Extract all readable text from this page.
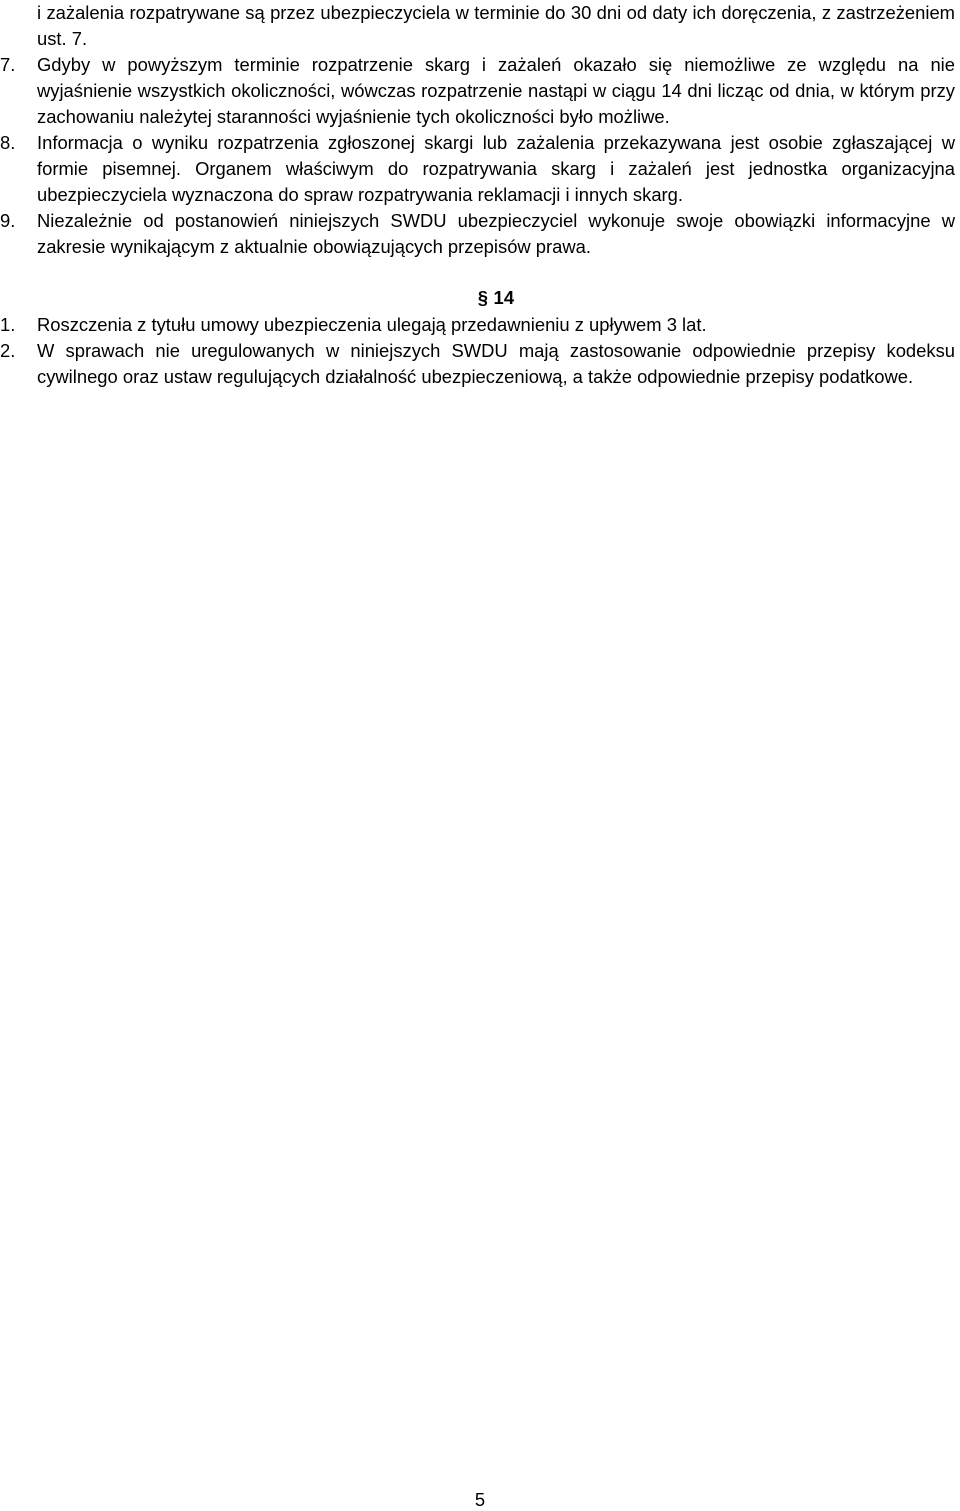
i zażalenia rozpatrywane są przez ubezpieczyciela w terminie do 30 dni od daty ich doręczenia, z zastrzeżeniem ust. 7.

7.	Gdyby w powyższym terminie rozpatrzenie skarg i zażaleń okazało się niemożliwe ze względu na nie wyjaśnienie wszystkich okoliczności, wówczas rozpatrzenie nastąpi w ciągu 14 dni licząc od dnia, w którym przy zachowaniu należytej staranności wyjaśnienie tych okoliczności było możliwe.
8.	Informacja o wyniku rozpatrzenia zgłoszonej skargi lub zażalenia przekazywana jest osobie zgłaszającej w formie pisemnej. Organem właściwym do rozpatrywania skarg i zażaleń jest jednostka organizacyjna ubezpieczyciela wyznaczona do spraw rozpatrywania reklamacji i innych skarg.
9.	Niezależnie od postanowień niniejszych SWDU ubezpieczyciel wykonuje swoje obowiązki informacyjne w zakresie wynikającym z aktualnie obowiązujących przepisów prawa.
§ 14
1.	Roszczenia z tytułu umowy ubezpieczenia ulegają przedawnieniu z upływem 3 lat.
2.	W sprawach nie uregulowanych w niniejszych SWDU mają zastosowanie odpowiednie przepisy kodeksu cywilnego oraz ustaw regulujących działalność ubezpieczeniową, a także odpowiednie przepisy podatkowe.
5
